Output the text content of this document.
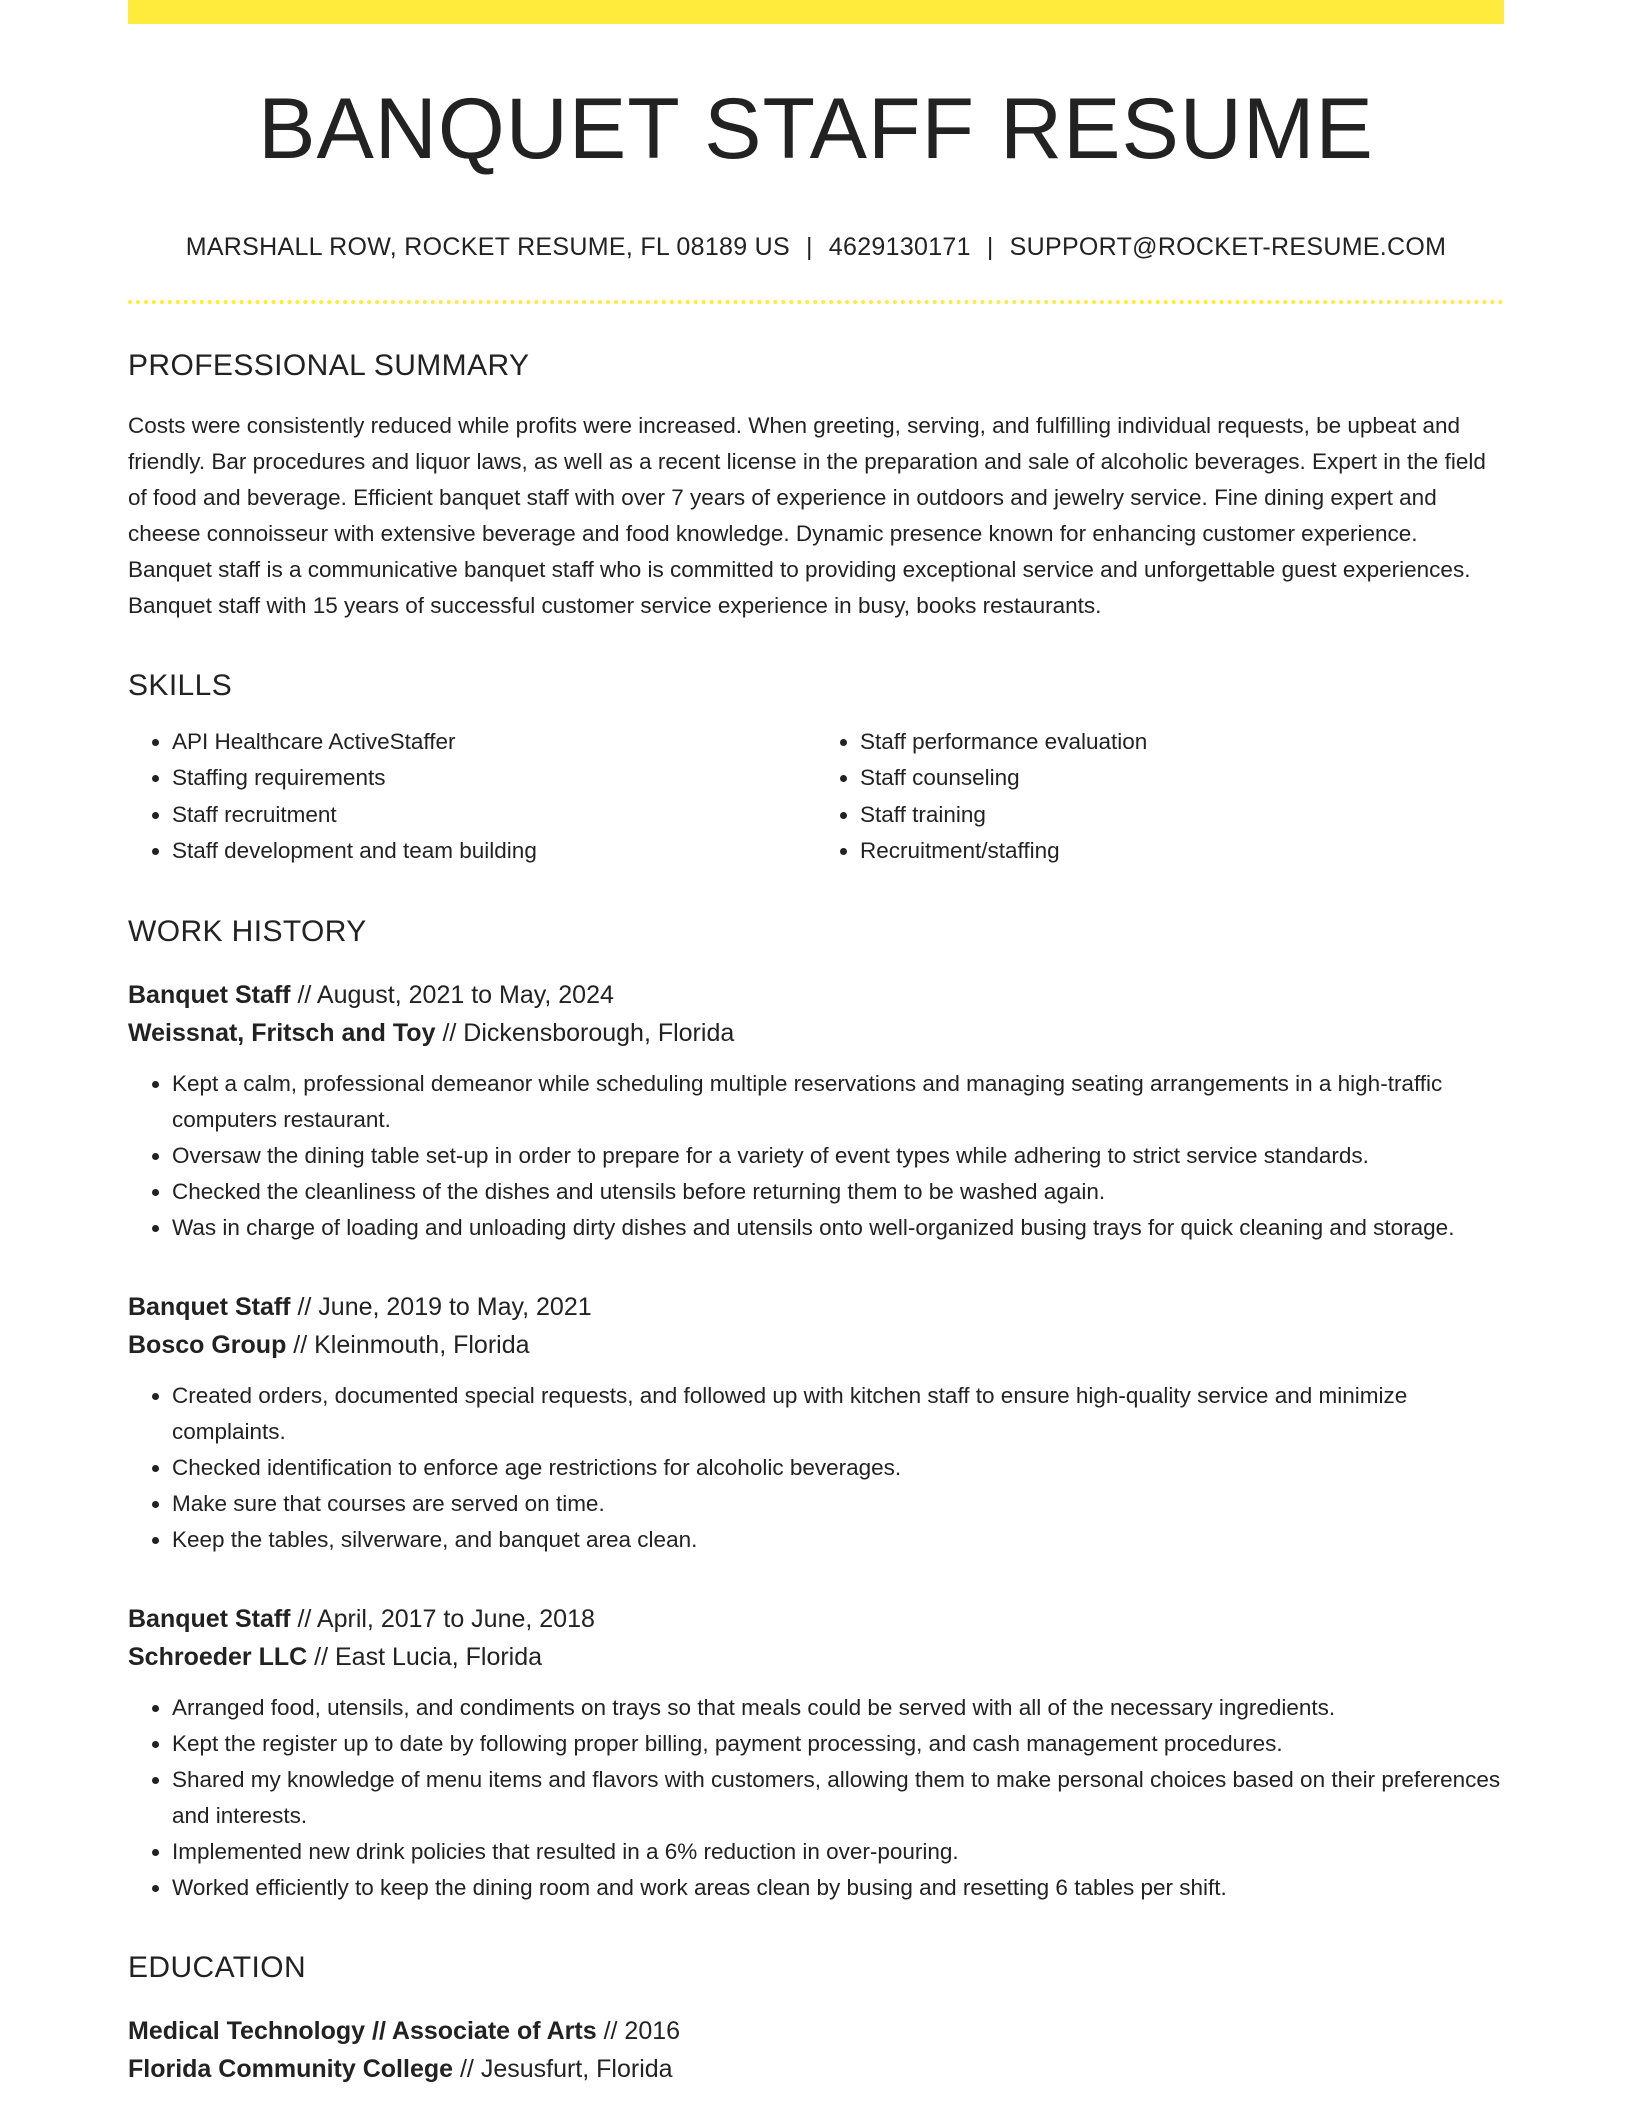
BANQUET STAFF RESUME
MARSHALL ROW, ROCKET RESUME, FL 08189 US | 4629130171 | SUPPORT@ROCKET-RESUME.COM
PROFESSIONAL SUMMARY

Costs were consistently reduced while profits were increased. When greeting, serving, and fulfilling individual requests, be upbeat and friendly. Bar procedures and liquor laws, as well as a recent license in the preparation and sale of alcoholic beverages. Expert in the field of food and beverage. Efficient banquet staff with over 7 years of experience in outdoors and jewelry service. Fine dining expert and cheese connoisseur with extensive beverage and food knowledge. Dynamic presence known for enhancing customer experience. Banquet staff is a communicative banquet staff who is committed to providing exceptional service and unforgettable guest experiences. Banquet staff with 15 years of successful customer service experience in busy, books restaurants.

SKILLS
• API Healthcare ActiveStaffer
• Staffing requirements
• Staff recruitment
• Staff development and team building
• Staff performance evaluation
• Staff counseling
• Staff training
• Recruitment/staffing
WORK HISTORY
Banquet Staff // August, 2021 to May, 2024
Weissnat, Fritsch and Toy // Dickensborough, Florida
• Kept a calm, professional demeanor while scheduling multiple reservations and managing seating arrangements in a high-traffic computers restaurant.
• Oversaw the dining table set-up in order to prepare for a variety of event types while adhering to strict service standards.
• Checked the cleanliness of the dishes and utensils before returning them to be washed again.
• Was in charge of loading and unloading dirty dishes and utensils onto well-organized busing trays for quick cleaning and storage.
Banquet Staff // June, 2019 to May, 2021
Bosco Group // Kleinmouth, Florida
• Created orders, documented special requests, and followed up with kitchen staff to ensure high-quality service and minimize complaints.
• Checked identification to enforce age restrictions for alcoholic beverages.
• Make sure that courses are served on time.
• Keep the tables, silverware, and banquet area clean.
Banquet Staff // April, 2017 to June, 2018
Schroeder LLC // East Lucia, Florida
• Arranged food, utensils, and condiments on trays so that meals could be served with all of the necessary ingredients.
• Kept the register up to date by following proper billing, payment processing, and cash management procedures.
• Shared my knowledge of menu items and flavors with customers, allowing them to make personal choices based on their preferences and interests.
• Implemented new drink policies that resulted in a 6% reduction in over-pouring.
• Worked efficiently to keep the dining room and work areas clean by busing and resetting 6 tables per shift.
EDUCATION
Medical Technology // Associate of Arts // 2016
Florida Community College // Jesusfurt, Florida
